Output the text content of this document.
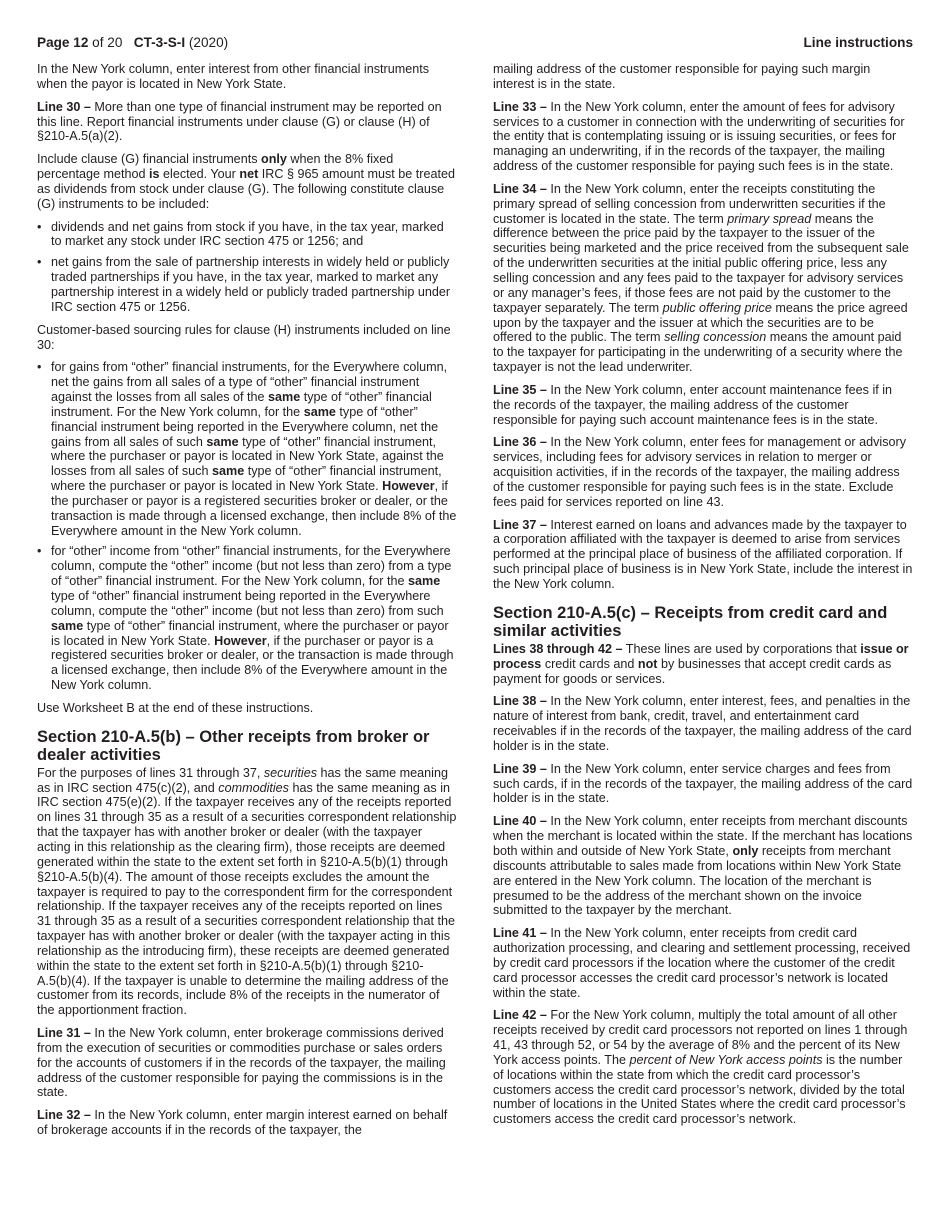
Page 12 of 20 CT-3-S-I (2020)	Line instructions

In the New York column, enter interest from other financial instruments when the payor is located in New York State.

Line 30 – More than one type of financial instrument may be reported on this line. Report financial instruments under clause (G) or clause (H) of §210-A.5(a)(2).

Include clause (G) financial instruments only when the 8% fixed percentage method is elected. Your net IRC § 965 amount must be treated as dividends from stock under clause (G). The following constitute clause (G) instruments to be included:

• dividends and net gains from stock if you have, in the tax year, marked to market any stock under IRC section 475 or 1256; and
• net gains from the sale of partnership interests in widely held or publicly traded partnerships if you have, in the tax year, marked to market any partnership interest in a widely held or publicly traded partnership under IRC section 475 or 1256.

Customer-based sourcing rules for clause (H) instruments included on line 30:

• for gains from “other” financial instruments, for the Everywhere column, net the gains from all sales of a type of “other” financial instrument against the losses from all sales of the same type of “other” financial instrument. For the New York column, for the same type of “other” financial instrument being reported in the Everywhere column, net the gains from all sales of such same type of “other” financial instrument, where the purchaser or payor is located in New York State, against the losses from all sales of such same type of “other” financial instrument, where the purchaser or payor is located in New York State. However, if the purchaser or payor is a registered securities broker or dealer, or the transaction is made through a licensed exchange, then include 8% of the Everywhere amount in the New York column.
• for “other” income from “other” financial instruments, for the Everywhere column, compute the “other” income (but not less than zero) from a type of “other” financial instrument. For the New York column, for the same type of “other” financial instrument being reported in the Everywhere column, compute the “other” income (but not less than zero) from such same type of “other” financial instrument, where the purchaser or payor is located in New York State. However, if the purchaser or payor is a registered securities broker or dealer, or the transaction is made through a licensed exchange, then include 8% of the Everywhere amount in the New York column.

Use Worksheet B at the end of these instructions.

Section 210-A.5(b) – Other receipts from broker or dealer activities

For the purposes of lines 31 through 37, securities has the same meaning as in IRC section 475(c)(2), and commodities has the same meaning as in IRC section 475(e)(2). If the taxpayer receives any of the receipts reported on lines 31 through 35 as a result of a securities correspondent relationship that the taxpayer has with another broker or dealer (with the taxpayer acting in this relationship as the clearing firm), those receipts are deemed generated within the state to the extent set forth in §210-A.5(b)(1) through §210-A.5(b)(4). The amount of those receipts excludes the amount the taxpayer is required to pay to the correspondent firm for the correspondent relationship. If the taxpayer receives any of the receipts reported on lines 31 through 35 as a result of a securities correspondent relationship that the taxpayer has with another broker or dealer (with the taxpayer acting in this relationship as the introducing firm), these receipts are deemed generated within the state to the extent set forth in §210-A.5(b)(1) through §210-A.5(b)(4). If the taxpayer is unable to determine the mailing address of the customer from its records, include 8% of the receipts in the numerator of the apportionment fraction.

Line 31 – In the New York column, enter brokerage commissions derived from the execution of securities or commodities purchase or sales orders for the accounts of customers if in the records of the taxpayer, the mailing address of the customer responsible for paying the commissions is in the state.

Line 32 – In the New York column, enter margin interest earned on behalf of brokerage accounts if in the records of the taxpayer, the

mailing address of the customer responsible for paying such margin interest is in the state.

Line 33 – In the New York column, enter the amount of fees for advisory services to a customer in connection with the underwriting of securities for the entity that is contemplating issuing or is issuing securities, or fees for managing an underwriting, if in the records of the taxpayer, the mailing address of the customer responsible for paying such fees is in the state.

Line 34 – In the New York column, enter the receipts constituting the primary spread of selling concession from underwritten securities if the customer is located in the state. The term primary spread means the difference between the price paid by the taxpayer to the issuer of the securities being marketed and the price received from the subsequent sale of the underwritten securities at the initial public offering price, less any selling concession and any fees paid to the taxpayer for advisory services or any manager’s fees, if those fees are not paid by the customer to the taxpayer separately. The term public offering price means the price agreed upon by the taxpayer and the issuer at which the securities are to be offered to the public. The term selling concession means the amount paid to the taxpayer for participating in the underwriting of a security where the taxpayer is not the lead underwriter.

Line 35 – In the New York column, enter account maintenance fees if in the records of the taxpayer, the mailing address of the customer responsible for paying such account maintenance fees is in the state.

Line 36 – In the New York column, enter fees for management or advisory services, including fees for advisory services in relation to merger or acquisition activities, if in the records of the taxpayer, the mailing address of the customer responsible for paying such fees is in the state. Exclude fees paid for services reported on line 43.

Line 37 – Interest earned on loans and advances made by the taxpayer to a corporation affiliated with the taxpayer is deemed to arise from services performed at the principal place of business of the affiliated corporation. If such principal place of business is in New York State, include the interest in the New York column.

Section 210-A.5(c) – Receipts from credit card and similar activities

Lines 38 through 42 – These lines are used by corporations that issue or process credit cards and not by businesses that accept credit cards as payment for goods or services.

Line 38 – In the New York column, enter interest, fees, and penalties in the nature of interest from bank, credit, travel, and entertainment card receivables if in the records of the taxpayer, the mailing address of the card holder is in the state.

Line 39 – In the New York column, enter service charges and fees from such cards, if in the records of the taxpayer, the mailing address of the card holder is in the state.

Line 40 – In the New York column, enter receipts from merchant discounts when the merchant is located within the state. If the merchant has locations both within and outside of New York State, only receipts from merchant discounts attributable to sales made from locations within New York State are entered in the New York column. The location of the merchant is presumed to be the address of the merchant shown on the invoice submitted to the taxpayer by the merchant.

Line 41 – In the New York column, enter receipts from credit card authorization processing, and clearing and settlement processing, received by credit card processors if the location where the customer of the credit card processor accesses the credit card processor’s network is located within the state.

Line 42 – For the New York column, multiply the total amount of all other receipts received by credit card processors not reported on lines 1 through 41, 43 through 52, or 54 by the average of 8% and the percent of its New York access points. The percent of New York access points is the number of locations within the state from which the credit card processor’s customers access the credit card processor’s network, divided by the total number of locations in the United States where the credit card processor’s customers access the credit card processor’s network.
